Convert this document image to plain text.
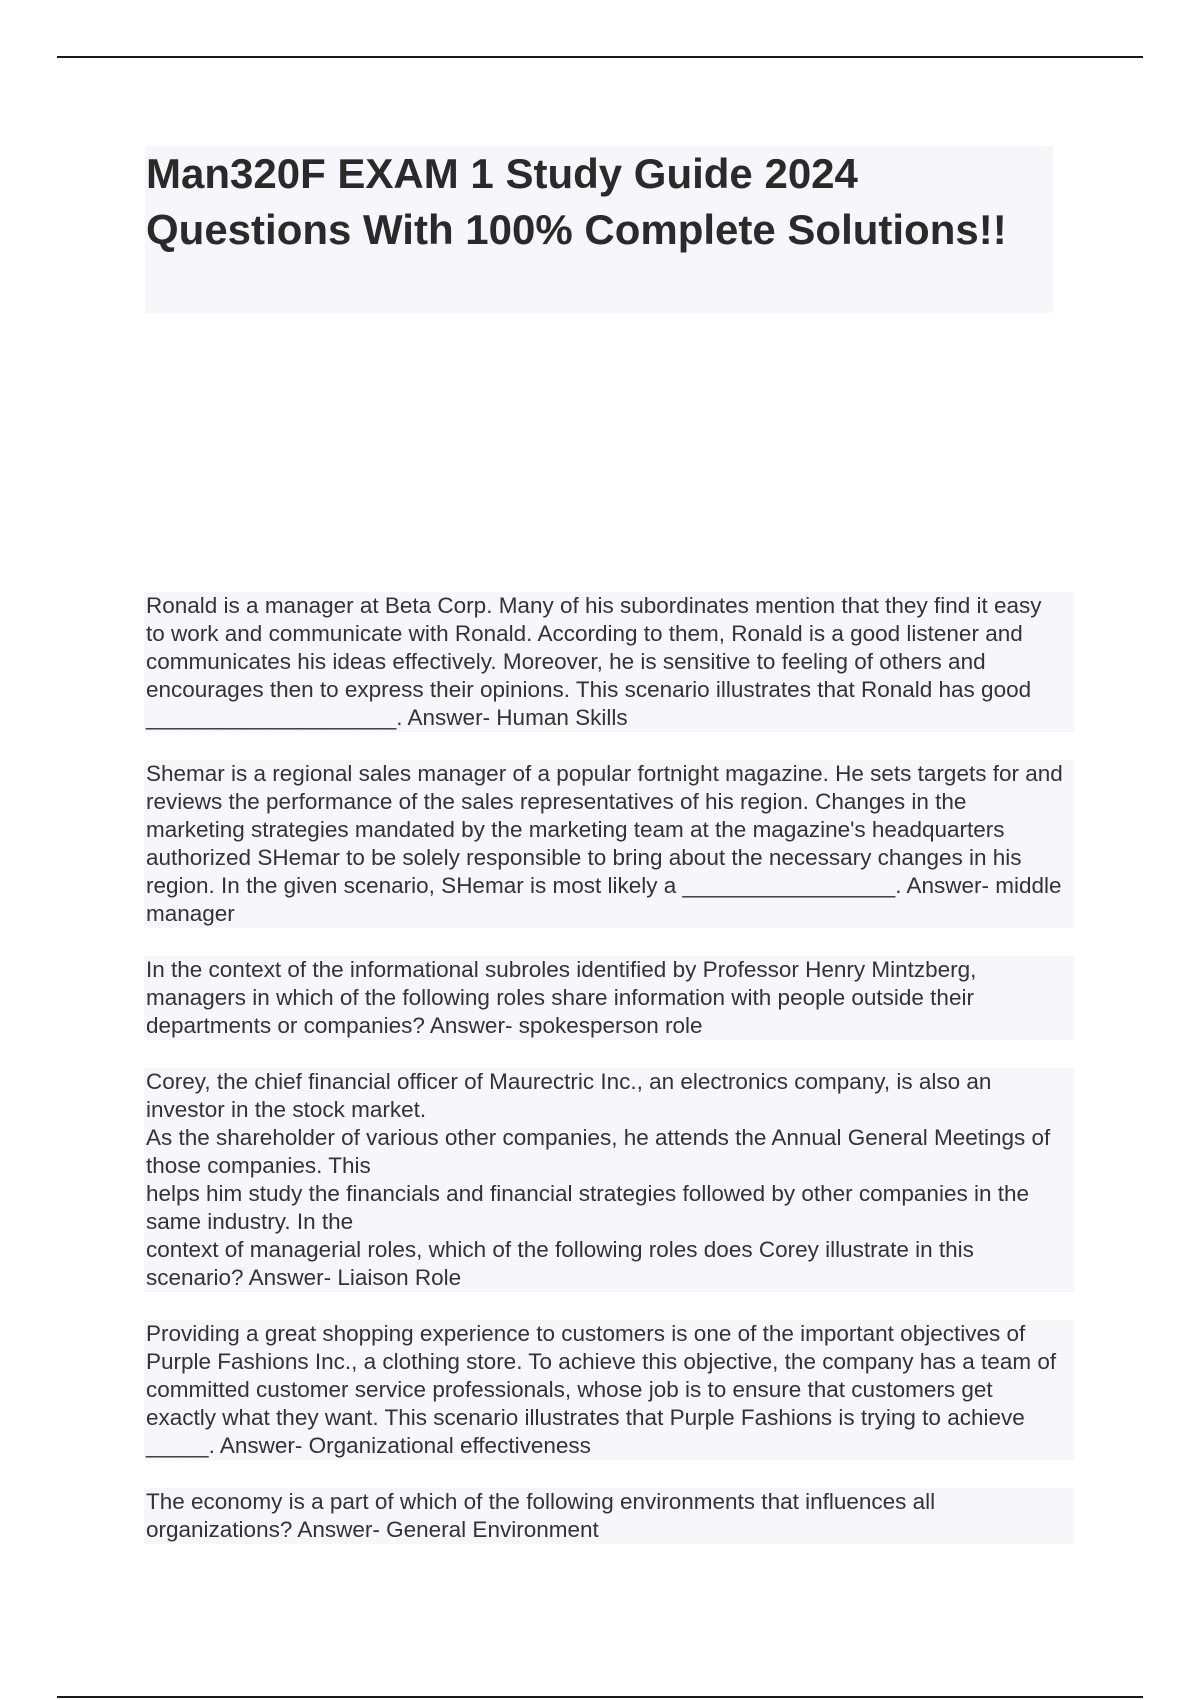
Man320F EXAM 1 Study Guide 2024 Questions With 100% Complete Solutions!!
Ronald is a manager at Beta Corp. Many of his subordinates mention that they find it easy to work and communicate with Ronald. According to them, Ronald is a good listener and communicates his ideas effectively. Moreover, he is sensitive to feeling of others and encourages then to express their opinions. This scenario illustrates that Ronald has good ____________________. Answer- Human Skills
Shemar is a regional sales manager of a popular fortnight magazine. He sets targets for and reviews the performance of the sales representatives of his region. Changes in the marketing strategies mandated by the marketing team at the magazine's headquarters authorized SHemar to be solely responsible to bring about the necessary changes in his region. In the given scenario, SHemar is most likely a _________________. Answer- middle manager
In the context of the informational subroles identified by Professor Henry Mintzberg, managers in which of the following roles share information with people outside their departments or companies? Answer- spokesperson role
Corey, the chief financial officer of Maurectric Inc., an electronics company, is also an investor in the stock market.
As the shareholder of various other companies, he attends the Annual General Meetings of those companies. This
helps him study the financials and financial strategies followed by other companies in the same industry. In the
context of managerial roles, which of the following roles does Corey illustrate in this scenario? Answer- Liaison Role
Providing a great shopping experience to customers is one of the important objectives of Purple Fashions Inc., a clothing store. To achieve this objective, the company has a team of committed customer service professionals, whose job is to ensure that customers get exactly what they want. This scenario illustrates that Purple Fashions is trying to achieve _____. Answer- Organizational effectiveness
The economy is a part of which of the following environments that influences all organizations? Answer- General Environment
